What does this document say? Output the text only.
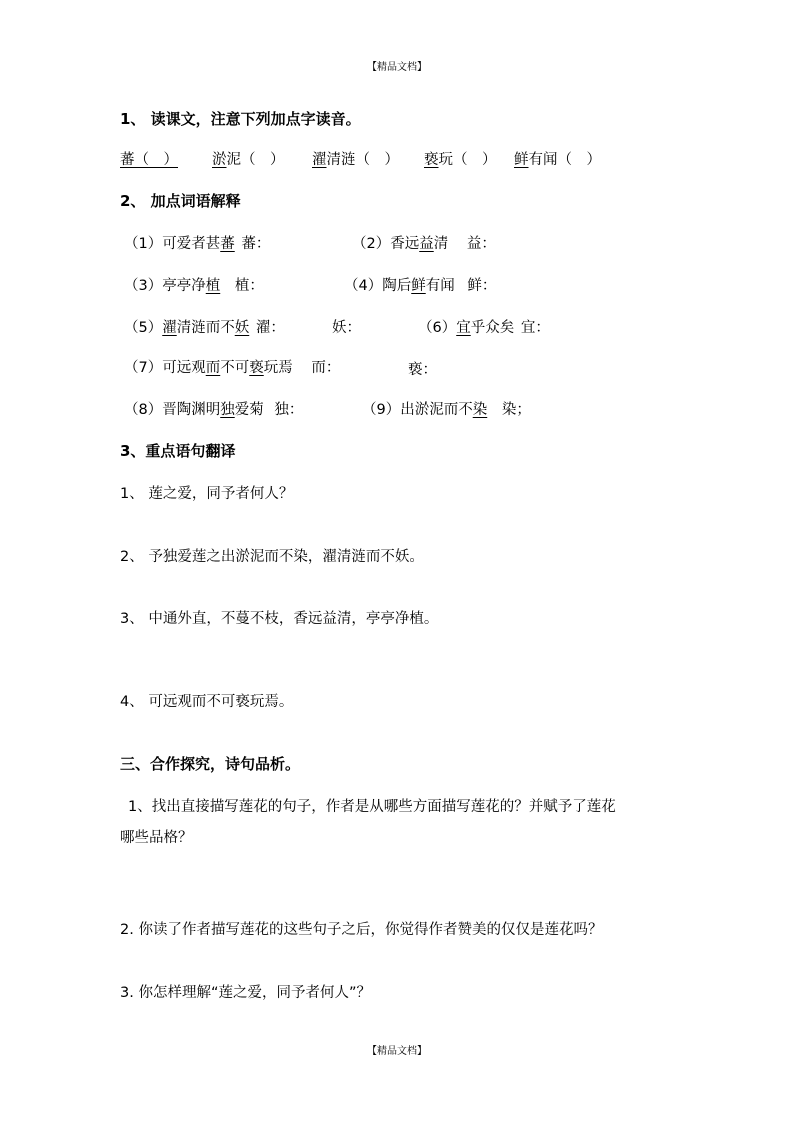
【精品文档】
1、 读课文，注意下列加点字读音。
蕃（　） 淤泥（　） 濯清涟（　） 亵玩（　） 鲜有闻（　）
2、 加点词语解释
（1）可爱者甚蕃 蕃：	（2）香远益清 益：
（3）亭亭净植 植：	（4）陶后鲜有闻 鲜：
（5）濯清涟而不妖 濯：	妖：	（6）宜乎众矣 宜：
（7）可远观而不可亵玩焉 而：	亵：
（8）晋陶渊明独爱菊 独：	（9）出淤泥而不染 染；
3、重点语句翻译
1、 莲之爱，同予者何人？
2、 予独爱莲之出淤泥而不染，濯清涟而不妖。
3、 中通外直，不蔓不枝，香远益清，亭亭净植。
4、 可远观而不可亵玩焉。
三、合作探究，诗句品析。
1、找出直接描写莲花的句子，作者是从哪些方面描写莲花的？并赋予了莲花
哪些品格？
2. 你读了作者描写莲花的这些句子之后，你觉得作者赞美的仅仅是莲花吗？
3. 你怎样理解“莲之爱，同予者何人”？
【精品文档】
